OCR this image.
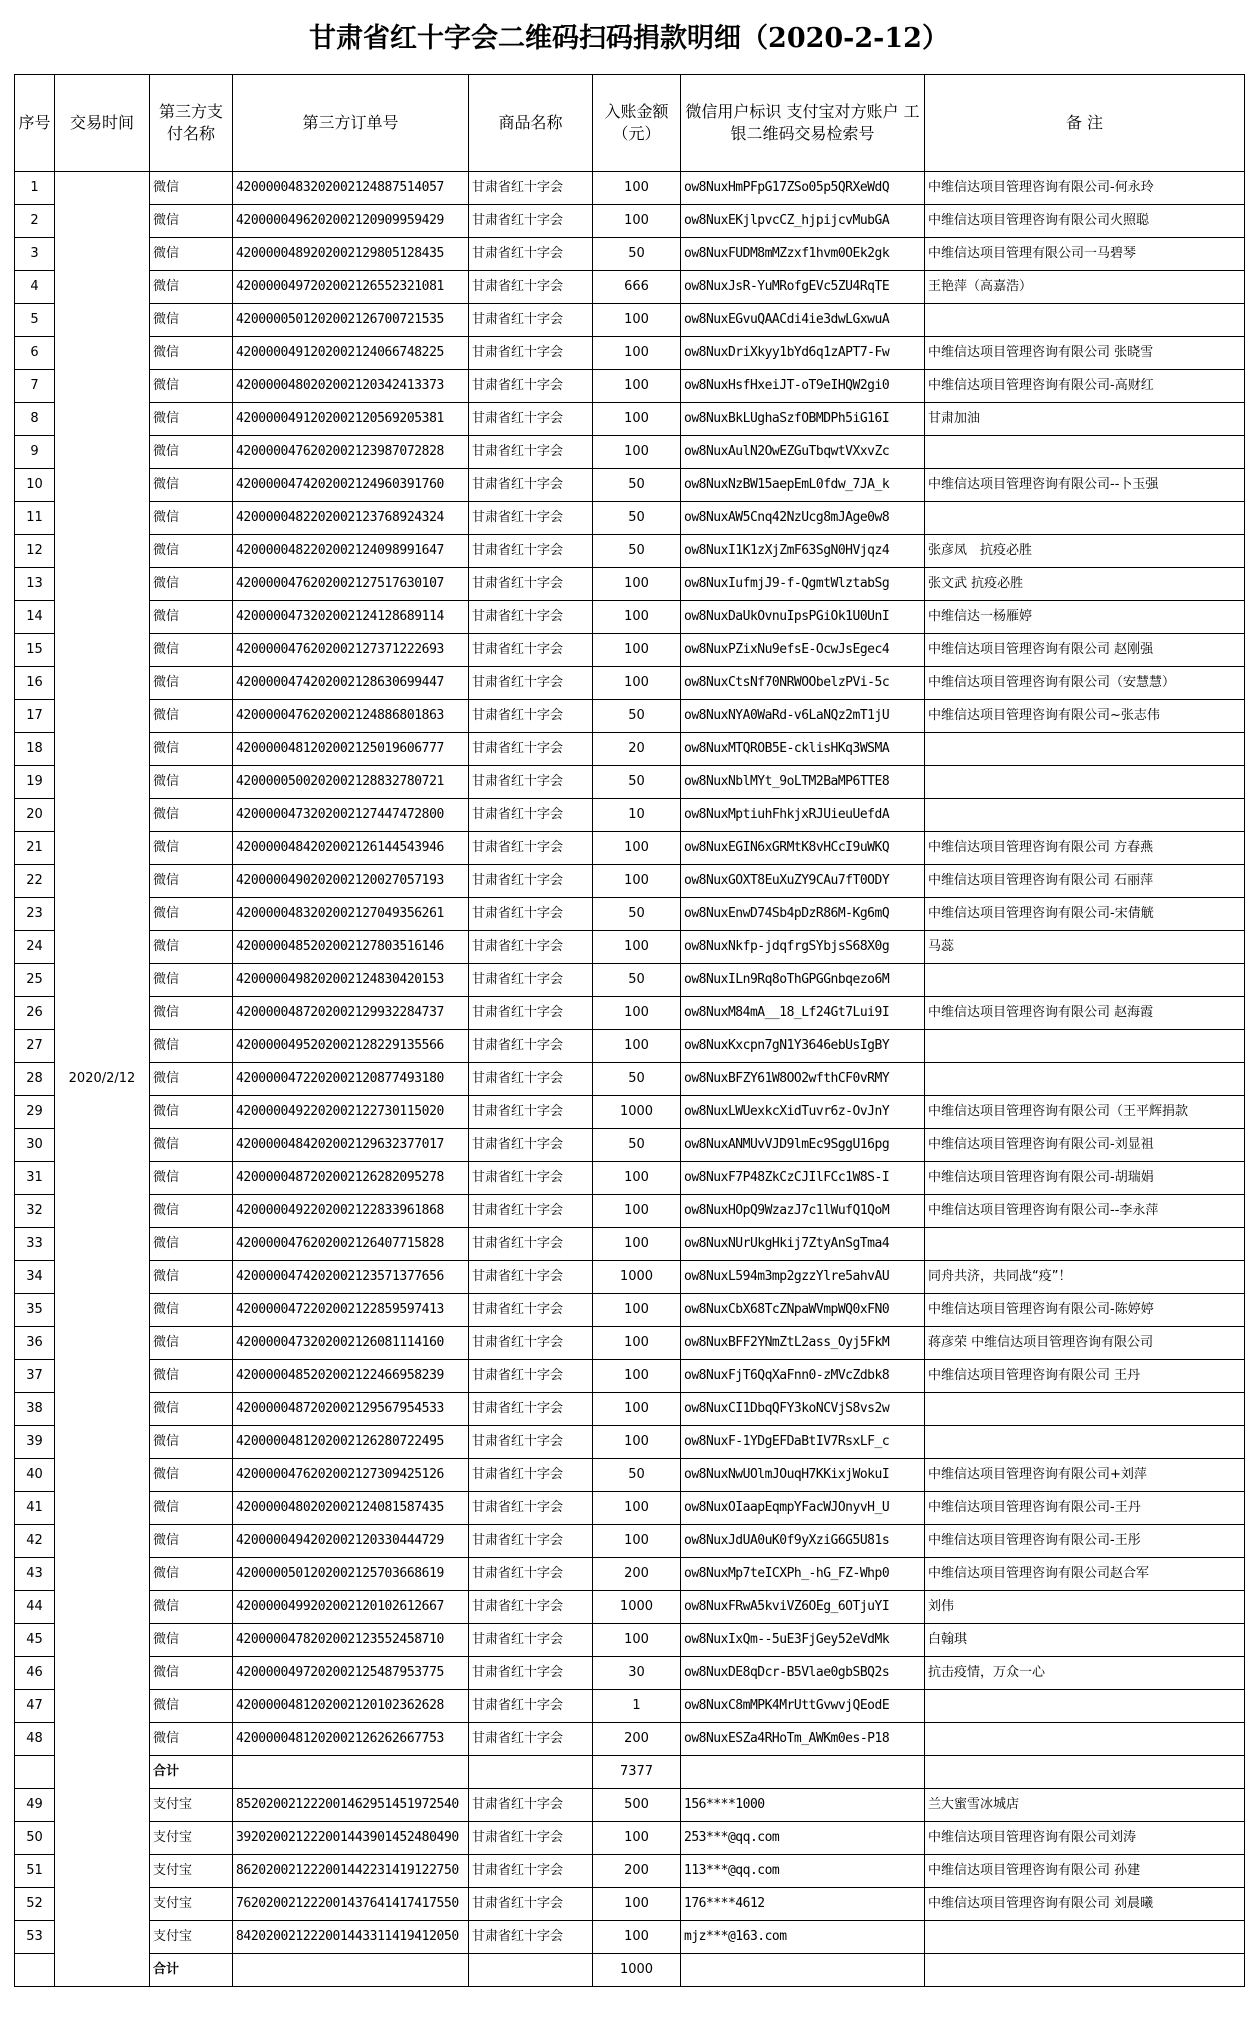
甘肃省红十字会二维码扫码捐款明细（2020-2-12）
序号	交易时间	第三方支付名称	第三方订单号	商品名称	入账金额（元）	微信用户标识 支付宝对方账户 工银二维码交易检索号	备 注
1	2020/2/12	微信	4200000483202002124887514057	甘肃省红十字会	100	ow8NuxHmPFpG17ZSo05p5QRXeWdQ	中维信达项目管理咨询有限公司-何永玲
2		微信	4200000496202002120909959429	甘肃省红十字会	100	ow8NuxEKjlpvcCZ_hjpijcvMubGA	中维信达项目管理咨询有限公司火照聪
3		微信	4200000489202002129805128435	甘肃省红十字会	50	ow8NuxFUDM8mMZzxf1hvm0OEk2gk	中维信达项目管理有限公司一马碧琴
4		微信	4200000497202002126552321081	甘肃省红十字会	666	ow8NuxJsR-YuMRofgEVc5ZU4RqTE	王艳萍（高嘉浩）
5		微信	4200000501202002126700721535	甘肃省红十字会	100	ow8NuxEGvuQAACdi4ie3dwLGxwuA	
6		微信	4200000491202002124066748225	甘肃省红十字会	100	ow8NuxDriXkyy1bYd6q1zAPT7-Fw	中维信达项目管理咨询有限公司 张晓雪
7		微信	4200000480202002120342413373	甘肃省红十字会	100	ow8NuxHsfHxeiJT-oT9eIHQW2gi0	中维信达项目管理咨询有限公司-高财红
8		微信	4200000491202002120569205381	甘肃省红十字会	100	ow8NuxBkLUghaSzfOBMDPh5iG16I	甘肃加油
9		微信	4200000476202002123987072828	甘肃省红十字会	100	ow8NuxAulN2OwEZGuTbqwtVXxvZc	
10		微信	4200000474202002124960391760	甘肃省红十字会	50	ow8NuxNzBW15aepEmL0fdw_7JA_k	中维信达项目管理咨询有限公司--卜玉强
11		微信	4200000482202002123768924324	甘肃省红十字会	50	ow8NuxAW5Cnq42NzUcg8mJAge0w8	
12		微信	4200000482202002124098991647	甘肃省红十字会	50	ow8NuxI1K1zXjZmF63SgN0HVjqz4	张彦凤　抗疫必胜
13		微信	4200000476202002127517630107	甘肃省红十字会	100	ow8NuxIufmjJ9-f-QgmtWlztabSg	张文武 抗疫必胜
14		微信	4200000473202002124128689114	甘肃省红十字会	100	ow8NuxDaUkOvnuIpsPGiOk1U0UnI	中维信达一杨雁婷
15		微信	4200000476202002127371222693	甘肃省红十字会	100	ow8NuxPZixNu9efsE-OcwJsEgec4	中维信达项目管理咨询有限公司 赵刚强
16		微信	4200000474202002128630699447	甘肃省红十字会	100	ow8NuxCtsNf70NRWOObelzPVi-5c	中维信达项目管理咨询有限公司（安慧慧）
17		微信	4200000476202002124886801863	甘肃省红十字会	50	ow8NuxNYA0WaRd-v6LaNQz2mT1jU	中维信达项目管理咨询有限公司~张志伟
18		微信	4200000481202002125019606777	甘肃省红十字会	20	ow8NuxMTQROB5E-cklisHKq3WSMA	
19		微信	4200000500202002128832780721	甘肃省红十字会	50	ow8NuxNblMYt_9oLTM2BaMP6TTE8	
20		微信	4200000473202002127447472800	甘肃省红十字会	10	ow8NuxMptiuhFhkjxRJUieuUefdA	
21		微信	4200000484202002126144543946	甘肃省红十字会	100	ow8NuxEGIN6xGRMtK8vHCcI9uWKQ	中维信达项目管理咨询有限公司 方春燕
22		微信	4200000490202002120027057193	甘肃省红十字会	100	ow8NuxGOXT8EuXuZY9CAu7fT0ODY	中维信达项目管理咨询有限公司 石丽萍
23		微信	4200000483202002127049356261	甘肃省红十字会	50	ow8NuxEnwD74Sb4pDzR86M-Kg6mQ	中维信达项目管理咨询有限公司-宋倩觥
24		微信	4200000485202002127803516146	甘肃省红十字会	100	ow8NuxNkfp-jdqfrgSYbjsS68X0g	马蕊
25		微信	4200000498202002124830420153	甘肃省红十字会	50	ow8NuxILn9Rq8oThGPGGnbqezo6M	
26		微信	4200000487202002129932284737	甘肃省红十字会	100	ow8NuxM84mA__18_Lf24Gt7Lui9I	中维信达项目管理咨询有限公司 赵海霞
27		微信	4200000495202002128229135566	甘肃省红十字会	100	ow8NuxKxcpn7gN1Y3646ebUsIgBY	
28		微信	4200000472202002120877493180	甘肃省红十字会	50	ow8NuxBFZY61W8OO2wfthCF0vRMY	
29		微信	4200000492202002122730115020	甘肃省红十字会	1000	ow8NuxLWUexkcXidTuvr6z-OvJnY	中维信达项目管理咨询有限公司（王平辉捐款
30		微信	4200000484202002129632377017	甘肃省红十字会	50	ow8NuxANMUvVJD9lmEc9SggU16pg	中维信达项目管理咨询有限公司-刘显祖
31		微信	4200000487202002126282095278	甘肃省红十字会	100	ow8NuxF7P48ZkCzCJIlFCc1W8S-I	中维信达项目管理咨询有限公司-胡瑞娟
32		微信	4200000492202002122833961868	甘肃省红十字会	100	ow8NuxHOpQ9WzazJ7c1lWufQ1QoM	中维信达项目管理咨询有限公司--李永萍
33		微信	4200000476202002126407715828	甘肃省红十字会	100	ow8NuxNUrUkgHkij7ZtyAnSgTma4	
34		微信	4200000474202002123571377656	甘肃省红十字会	1000	ow8NuxL594m3mp2gzzYlre5ahvAU	同舟共济，共同战“疫”！
35		微信	4200000472202002122859597413	甘肃省红十字会	100	ow8NuxCbX68TcZNpaWVmpWQ0xFN0	中维信达项目管理咨询有限公司-陈婷婷
36		微信	4200000473202002126081114160	甘肃省红十字会	100	ow8NuxBFF2YNmZtL2ass_Oyj5FkM	蒋彦荣 中维信达项目管理咨询有限公司
37		微信	4200000485202002122466958239	甘肃省红十字会	100	ow8NuxFjT6QqXaFnn0-zMVcZdbk8	中维信达项目管理咨询有限公司 王丹
38		微信	4200000487202002129567954533	甘肃省红十字会	100	ow8NuxCI1DbqQFY3koNCVjS8vs2w	
39		微信	4200000481202002126280722495	甘肃省红十字会	100	ow8NuxF-1YDgEFDaBtIV7RsxLF_c	
40		微信	4200000476202002127309425126	甘肃省红十字会	50	ow8NuxNwUOlmJOuqH7KKixjWokuI	中维信达项目管理咨询有限公司+刘萍
41		微信	4200000480202002124081587435	甘肃省红十字会	100	ow8NuxOIaapEqmpYFacWJOnyvH_U	中维信达项目管理咨询有限公司-王丹
42		微信	4200000494202002120330444729	甘肃省红十字会	100	ow8NuxJdUA0uK0f9yXziG6G5U81s	中维信达项目管理咨询有限公司-王彤
43		微信	4200000501202002125703668619	甘肃省红十字会	200	ow8NuxMp7teICXPh_-hG_FZ-Whp0	中维信达项目管理咨询有限公司赵合军
44		微信	4200000499202002120102612667	甘肃省红十字会	1000	ow8NuxFRwA5kviVZ6OEg_6OTjuYI	刘伟
45		微信	4200000478202002123552458710	甘肃省红十字会	100	ow8NuxIxQm--5uE3FjGey52eVdMk	白翰琪
46		微信	4200000497202002125487953775	甘肃省红十字会	30	ow8NuxDE8qDcr-B5Vlae0gbSBQ2s	抗击疫情，万众一心
47		微信	4200000481202002120102362628	甘肃省红十字会	1	ow8NuxC8mMPK4MrUttGvwvjQEodE	
48		微信	4200000481202002126262667753	甘肃省红十字会	200	ow8NuxESZa4RHoTm_AWKm0es-P18	
		合计			7377		
49		支付宝	852020021222001462951451972540	甘肃省红十字会	500	156****1000	兰大蜜雪冰城店
50		支付宝	392020021222001443901452480490	甘肃省红十字会	100	253***@qq.com	中维信达项目管理咨询有限公司刘涛
51		支付宝	862020021222001442231419122750	甘肃省红十字会	200	113***@qq.com	中维信达项目管理咨询有限公司 孙建
52		支付宝	762020021222001437641417417550	甘肃省红十字会	100	176****4612	中维信达项目管理咨询有限公司 刘晨曦
53		支付宝	842020021222001443311419412050	甘肃省红十字会	100	mjz***@163.com	
		合计			1000		
